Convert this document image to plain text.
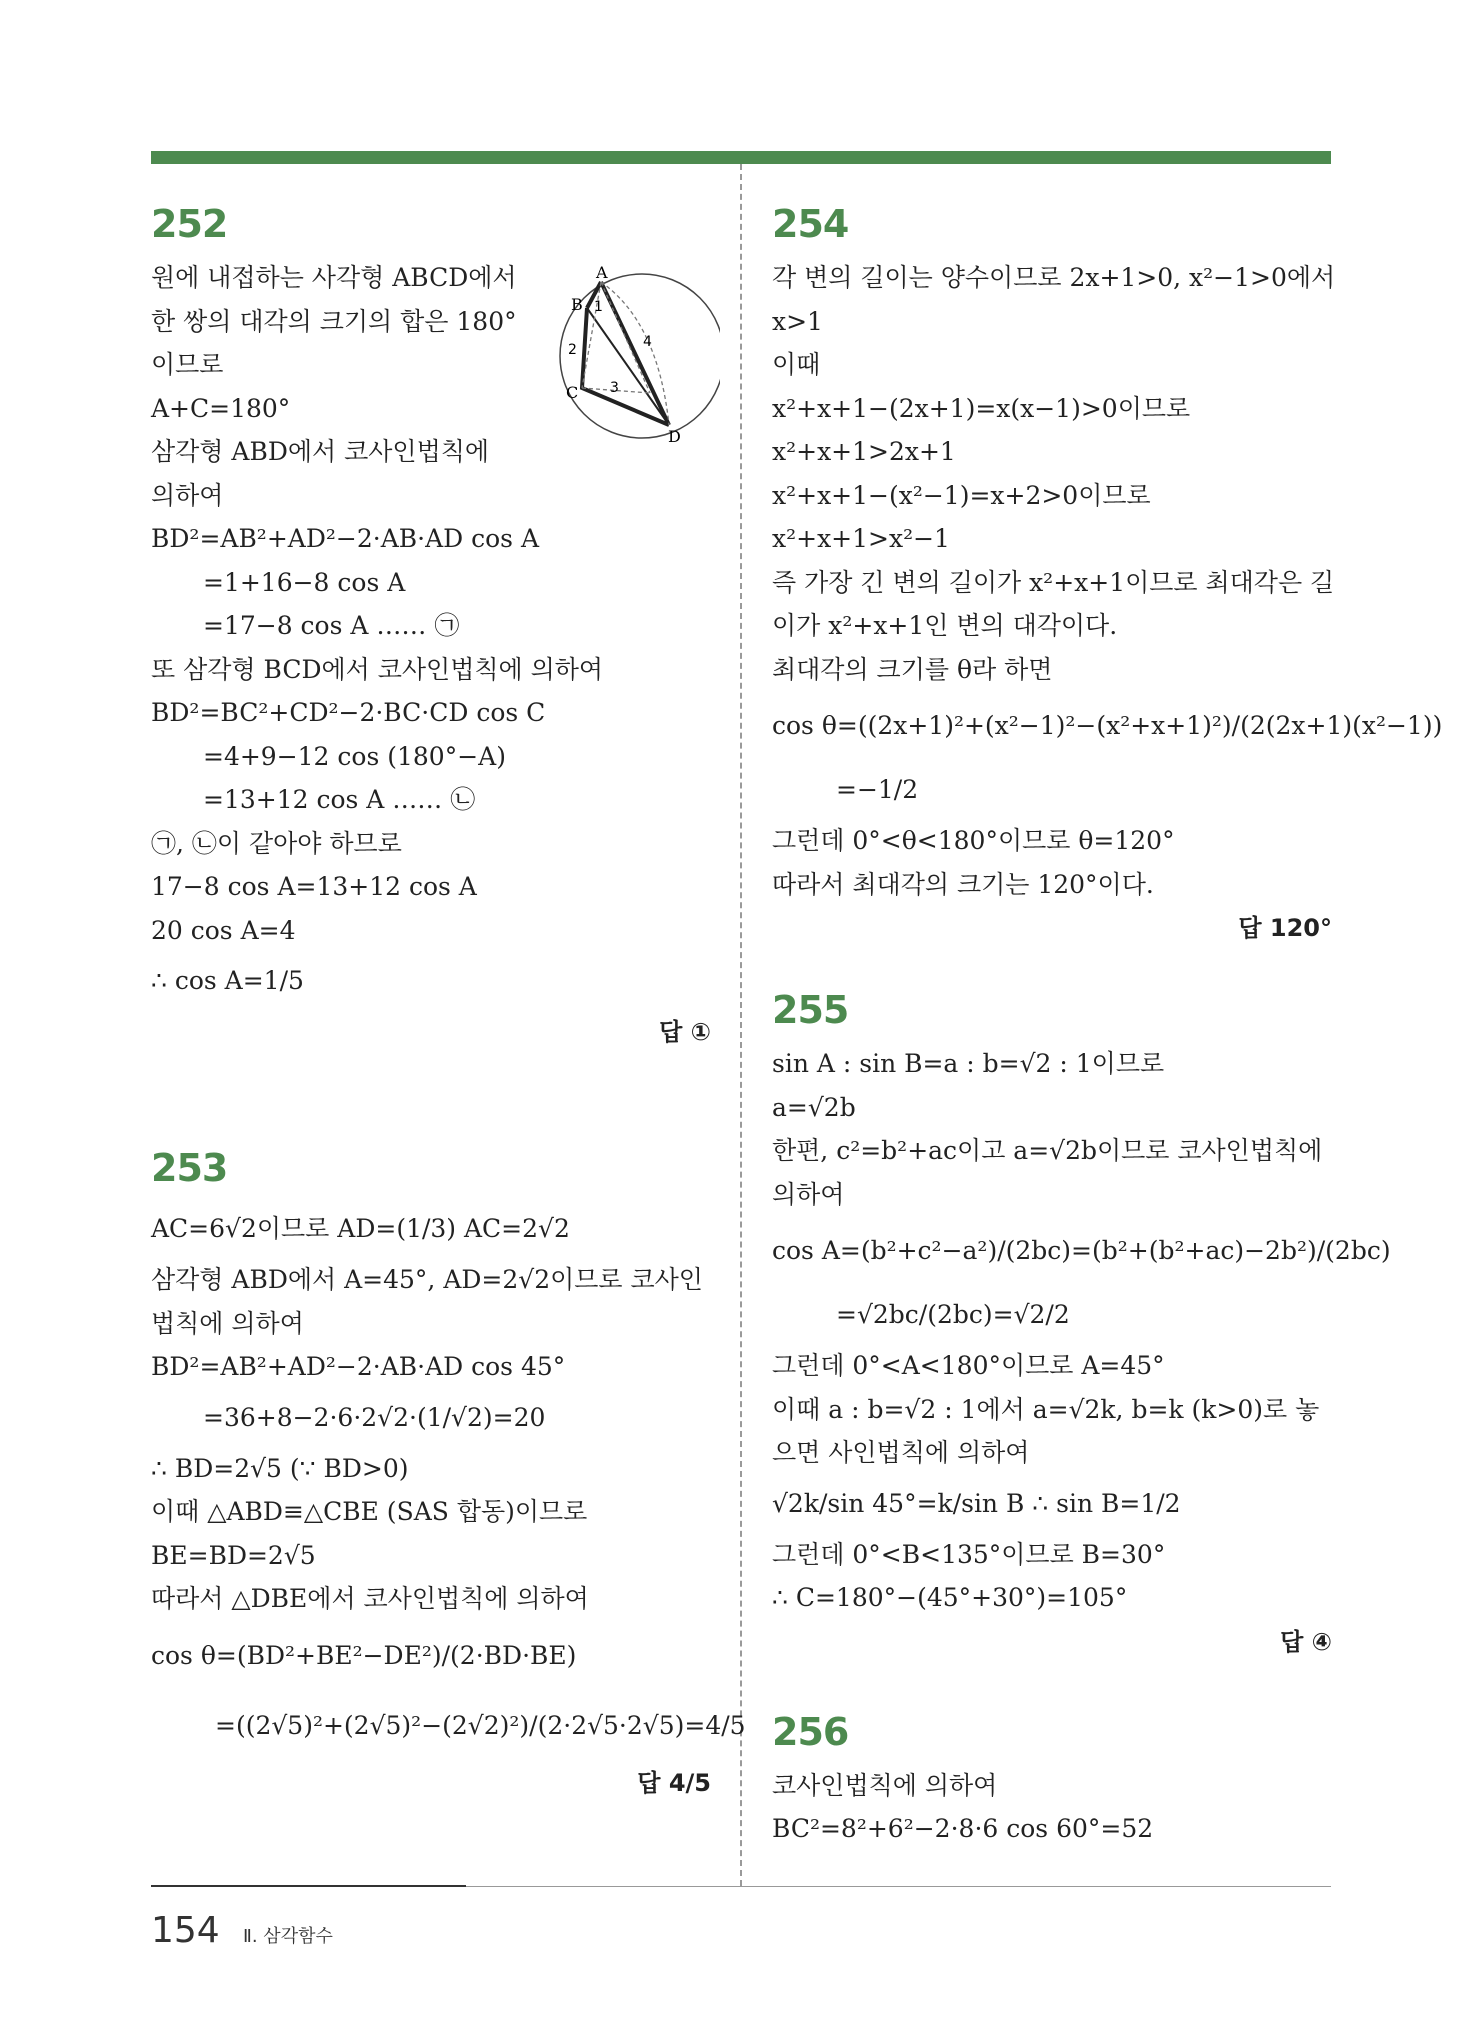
A
B
C
D
1
2
3
4
252
원에 내접하는 사각형 ABCD에서
한 쌍의 대각의 크기의 합은 180°
이므로
A+C=180°
삼각형 ABD에서 코사인법칙에
의하여
BD²=AB²+AD²−2·AB·AD cos A
=1+16−8 cos A
=17−8 cos A …… ㉠
또 삼각형 BCD에서 코사인법칙에 의하여
BD²=BC²+CD²−2·BC·CD cos C
=4+9−12 cos (180°−A)
=13+12 cos A …… ㉡
㉠, ㉡이 같아야 하므로
17−8 cos A=13+12 cos A
20 cos A=4
∴ cos A=1/5
답 ①
253
AC=6√2이므로 AD=(1/3) AC=2√2
삼각형 ABD에서 A=45°, AD=2√2이므로 코사인
법칙에 의하여
BD²=AB²+AD²−2·AB·AD cos 45°
=36+8−2·6·2√2·(1/√2)=20
∴ BD=2√5 (∵ BD>0)
이때 △ABD≡△CBE (SAS 합동)이므로
BE=BD=2√5
따라서 △DBE에서 코사인법칙에 의하여
cos θ=(BD²+BE²−DE²)/(2·BD·BE)
=((2√5)²+(2√5)²−(2√2)²)/(2·2√5·2√5)=4/5
답 4/5
254
각 변의 길이는 양수이므로 2x+1>0, x²−1>0에서
x>1
이때
x²+x+1−(2x+1)=x(x−1)>0이므로
x²+x+1>2x+1
x²+x+1−(x²−1)=x+2>0이므로
x²+x+1>x²−1
즉 가장 긴 변의 길이가 x²+x+1이므로 최대각은 길
이가 x²+x+1인 변의 대각이다.
최대각의 크기를 θ라 하면
cos θ=((2x+1)²+(x²−1)²−(x²+x+1)²)/(2(2x+1)(x²−1))
=−1/2
그런데 0°<θ<180°이므로 θ=120°
따라서 최대각의 크기는 120°이다.
답 120°
255
sin A : sin B=a : b=√2 : 1이므로
a=√2b
한편, c²=b²+ac이고 a=√2b이므로 코사인법칙에
의하여
cos A=(b²+c²−a²)/(2bc)=(b²+(b²+ac)−2b²)/(2bc)
=√2bc/(2bc)=√2/2
그런데 0°<A<180°이므로 A=45°
이때 a : b=√2 : 1에서 a=√2k, b=k (k>0)로 놓
으면 사인법칙에 의하여
√2k/sin 45°=k/sin B ∴ sin B=1/2
그런데 0°<B<135°이므로 B=30°
∴ C=180°−(45°+30°)=105°
답 ④
256
코사인법칙에 의하여
BC²=8²+6²−2·8·6 cos 60°=52
154 Ⅱ. 삼각함수
